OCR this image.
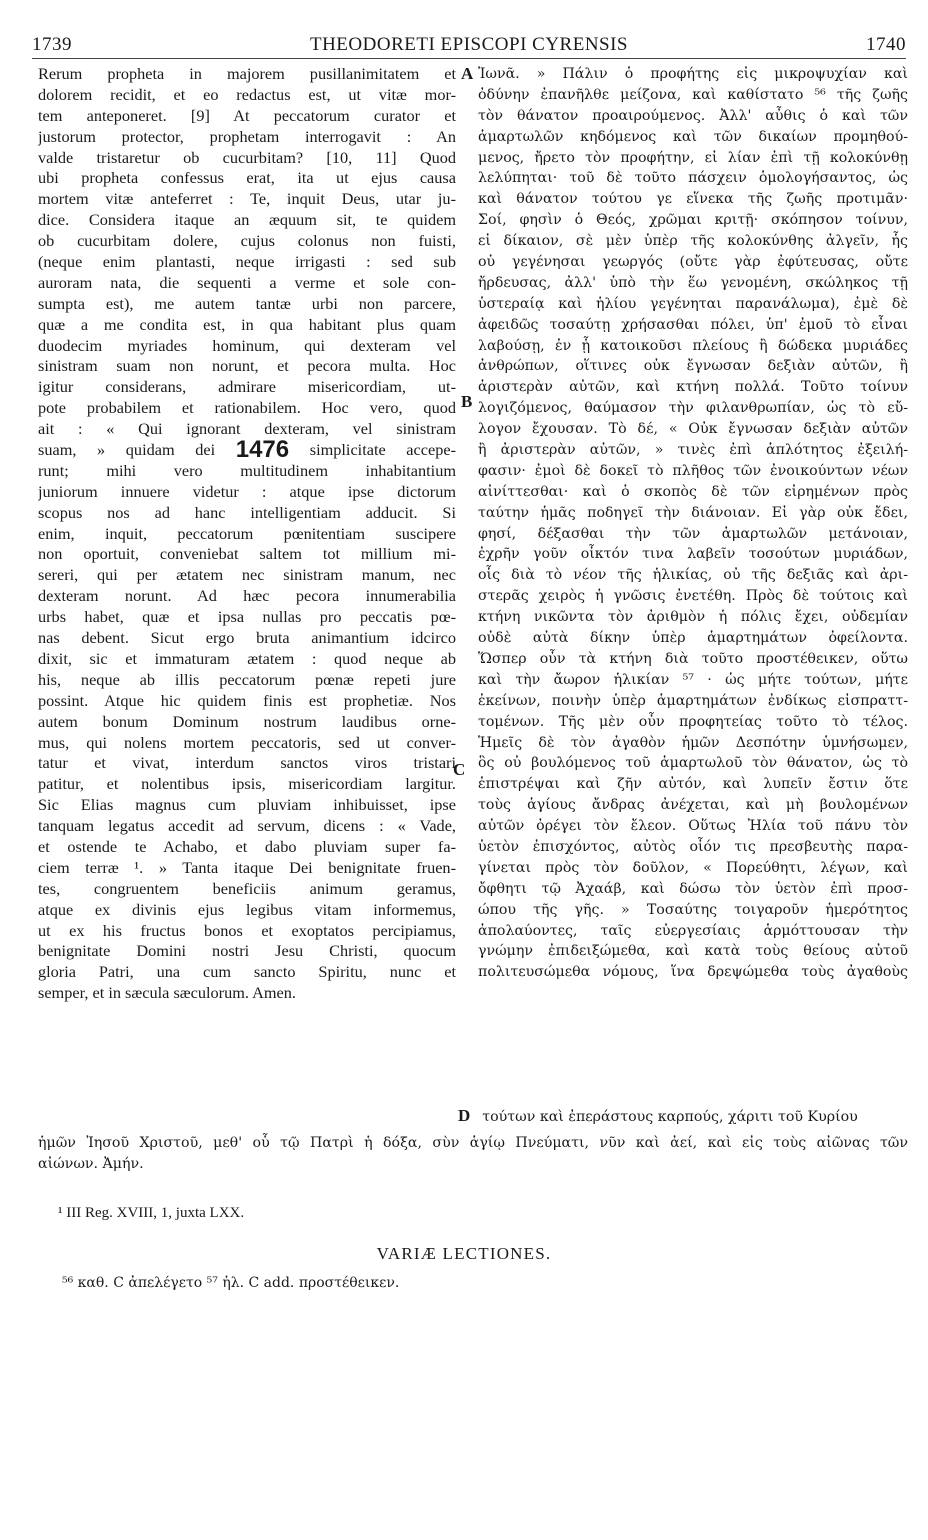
1739	THEODORETI EPISCOPI CYRENSIS	1740
Rerum propheta in majorem pusillanimitatem et
dolorem recidit, et eo redactus est, ut vitæ mor-
tem anteponeret. [9] At peccatorum curator et
justorum protector, prophetam interrogavit : An
valde tristaretur ob cucurbitam? [10, 11] Quod
ubi propheta confessus erat, ita ut ejus causa
mortem vitæ anteferret : Te, inquit Deus, utar ju-
dice. Considera itaque an æquum sit, te quidem
ob cucurbitam dolere, cujus colonus non fuisti,
(neque enim plantasti, neque irrigasti : sed sub
auroram nata, die sequenti a verme et sole con-
sumpta est), me autem tantæ urbi non parcere,
quæ a me condita est, in qua habitant plus quam
duodecim myriades hominum, qui dexteram vel
sinistram suam non norunt, et pecora multa. Hoc
igitur considerans, admirare misericordiam, ut-
pote probabilem et rationabilem. Hoc vero, quod
ait : « Qui ignorant dexteram, vel sinistram
suam, » quidam dei 1476 simplicitate accepe-
runt; mihi vero multitudinem inhabitantium
juniorum innuere videtur : atque ipse dictorum
scopus nos ad hanc intelligentiam adducit. Si
enim, inquit, peccatorum pœnitentiam suscipere
non oportuit, conveniebat saltem tot millium mi-
sereri, qui per ætatem nec sinistram manum, nec
dexteram norunt. Ad hæc pecora innumerabilia
urbs habet, quæ et ipsa nullas pro peccatis pœ-
nas debent. Sicut ergo bruta animantium idcirco
dixit, sic et immaturam ætatem : quod neque ab
his, neque ab illis peccatorum pœnæ repeti jure
possint. Atque hic quidem finis est prophetiæ. Nos
autem bonum Dominum nostrum laudibus orne-
mus, qui nolens mortem peccatoris, sed ut conver-
tatur et vivat, interdum sanctos viros tristari
patitur, et nolentibus ipsis, misericordiam largitur.
Sic Elias magnus cum pluviam inhibuisset, ipse
tanquam legatus accedit ad servum, dicens : « Vade,
et ostende te Achabo, et dabo pluviam super fa-
ciem terræ ¹. » Tanta itaque Dei benignitate fruen-
tes, congruentem beneficiis animum geramus,
atque ex divinis ejus legibus vitam informemus,
ut ex his fructus bonos et exoptatos percipiamus,
benignitate Domini nostri Jesu Christi, quocum
gloria Patri, una cum sancto Spiritu, nunc et
semper, et in sæcula sæculorum. Amen.
Ἰωνᾶ. » Πάλιν ὁ προφήτης εἰς μικροψυχίαν καὶ
ὀδύνην ἐπανῆλθε μείζονα, καὶ καθίστατο ⁵⁶ τῆς ζωῆς
τὸν θάνατον προαιρούμενος. Ἀλλ' αὖθις ὁ καὶ τῶν
ἁμαρτωλῶν κηδόμενος καὶ τῶν δικαίων προμηθού-
μενος, ἤρετο τὸν προφήτην, εἰ λίαν ἐπὶ τῇ κολοκύνθῃ
λελύπηται· τοῦ δὲ τοῦτο πάσχειν ὁμολογήσαντος, ὡς
καὶ θάνατον τούτου γε εἵνεκα τῆς ζωῆς προτιμᾶν·
Σοί, φησὶν ὁ Θεός, χρῶμαι κριτῇ· σκόπησον τοίνυν,
εἰ δίκαιον, σὲ μὲν ὑπὲρ τῆς κολοκύνθης ἀλγεῖν, ἧς
οὐ γεγένησαι γεωργός (οὔτε γὰρ ἐφύτευσας, οὔτε
ἤρδευσας, ἀλλ' ὑπὸ τὴν ἕω γενομένη, σκώληκος τῇ
ὑστεραίᾳ καὶ ἡλίου γεγένηται παρανάλωμα), ἐμὲ δὲ
ἀφειδῶς τοσαύτῃ χρήσασθαι πόλει, ὑπ' ἐμοῦ τὸ εἶναι
λαβούσῃ, ἐν ᾗ κατοικοῦσι πλείους ἢ δώδεκα μυριάδες
ἀνθρώπων, οἵτινες οὐκ ἔγνωσαν δεξιὰν αὐτῶν, ἢ
ἀριστερὰν αὐτῶν, καὶ κτήνη πολλά. Τοῦτο τοίνυν
λογιζόμενος, θαύμασον τὴν φιλανθρωπίαν, ὡς τὸ εὔ-
λογον ἔχουσαν. Τὸ δέ, « Οὐκ ἔγνωσαν δεξιὰν αὐτῶν
ἢ ἀριστερὰν αὐτῶν, » τινὲς ἐπὶ ἁπλότητος ἐξειλή-
φασιν· ἐμοὶ δὲ δοκεῖ τὸ πλῆθος τῶν ἐνοικούντων νέων
αἰνίττεσθαι· καὶ ὁ σκοπὸς δὲ τῶν εἰρημένων πρὸς
ταύτην ἡμᾶς ποδηγεῖ τὴν διάνοιαν. Εἰ γὰρ οὐκ ἔδει,
φησί, δέξασθαι τὴν τῶν ἁμαρτωλῶν μετάνοιαν,
ἐχρῆν γοῦν οἶκτόν τινα λαβεῖν τοσούτων μυριάδων,
οἷς διὰ τὸ νέον τῆς ἡλικίας, οὐ τῆς δεξιᾶς καὶ ἀρι-
στερᾶς χειρὸς ἡ γνῶσις ἐνετέθη. Πρὸς δὲ τούτοις καὶ
κτήνη νικῶντα τὸν ἀριθμὸν ἡ πόλις ἔχει, οὐδεμίαν
οὐδὲ αὐτὰ δίκην ὑπὲρ ἁμαρτημάτων ὀφείλοντα.
Ὥσπερ οὖν τὰ κτήνη διὰ τοῦτο προστέθεικεν, οὕτω
καὶ τὴν ἄωρον ἡλικίαν ⁵⁷ · ὡς μήτε τούτων, μήτε
ἐκείνων, ποινὴν ὑπὲρ ἁμαρτημάτων ἐνδίκως εἰσπραττ-
τομένων. Τῆς μὲν οὖν προφητείας τοῦτο τὸ τέλος.
Ἡμεῖς δὲ τὸν ἀγαθὸν ἡμῶν Δεσπότην ὑμνήσωμεν,
ὃς οὐ βουλόμενος τοῦ ἁμαρτωλοῦ τὸν θάνατον, ὡς τὸ
ἐπιστρέψαι καὶ ζῆν αὐτόν, καὶ λυπεῖν ἔστιν ὅτε
τοὺς ἁγίους ἄνδρας ἀνέχεται, καὶ μὴ βουλομένων
αὐτῶν ὀρέγει τὸν ἔλεον. Οὕτως Ἠλία τοῦ πάνυ τὸν
ὑετὸν ἐπισχόντος, αὐτὸς οἷόν τις πρεσβευτὴς παρα-
γίνεται πρὸς τὸν δοῦλον, « Πορεύθητι, λέγων, καὶ
ὄφθητι τῷ Ἀχαάβ, καὶ δώσω τὸν ὑετὸν ἐπὶ προσ-
ώπου τῆς γῆς. » Τοσαύτης τοιγαροῦν ἡμερότητος
ἀπολαύοντες, ταῖς εὐεργεσίαις ἁρμόττουσαν τὴν
γνώμην ἐπιδειξώμεθα, καὶ κατὰ τοὺς θείους αὐτοῦ
πολιτευσώμεθα νόμους, ἵνα δρεψώμεθα τοὺς ἀγαθοὺς
A
B
C
D τούτων καὶ ἐπεράστους καρπούς, χάριτι τοῦ Κυρίου
ἡμῶν Ἰησοῦ Χριστοῦ, μεθ' οὗ τῷ Πατρὶ ἡ δόξα, σὺν ἁγίῳ Πνεύματι, νῦν καὶ ἀεί, καὶ εἰς τοὺς αἰῶνας τῶν
αἰώνων. Ἀμήν.
¹ III Reg. XVIII, 1, juxta LXX.
VARIÆ LECTIONES.
⁵⁶ καθ. C ἀπελέγετο ⁵⁷ ἡλ. C add. προστέθεικεν.
